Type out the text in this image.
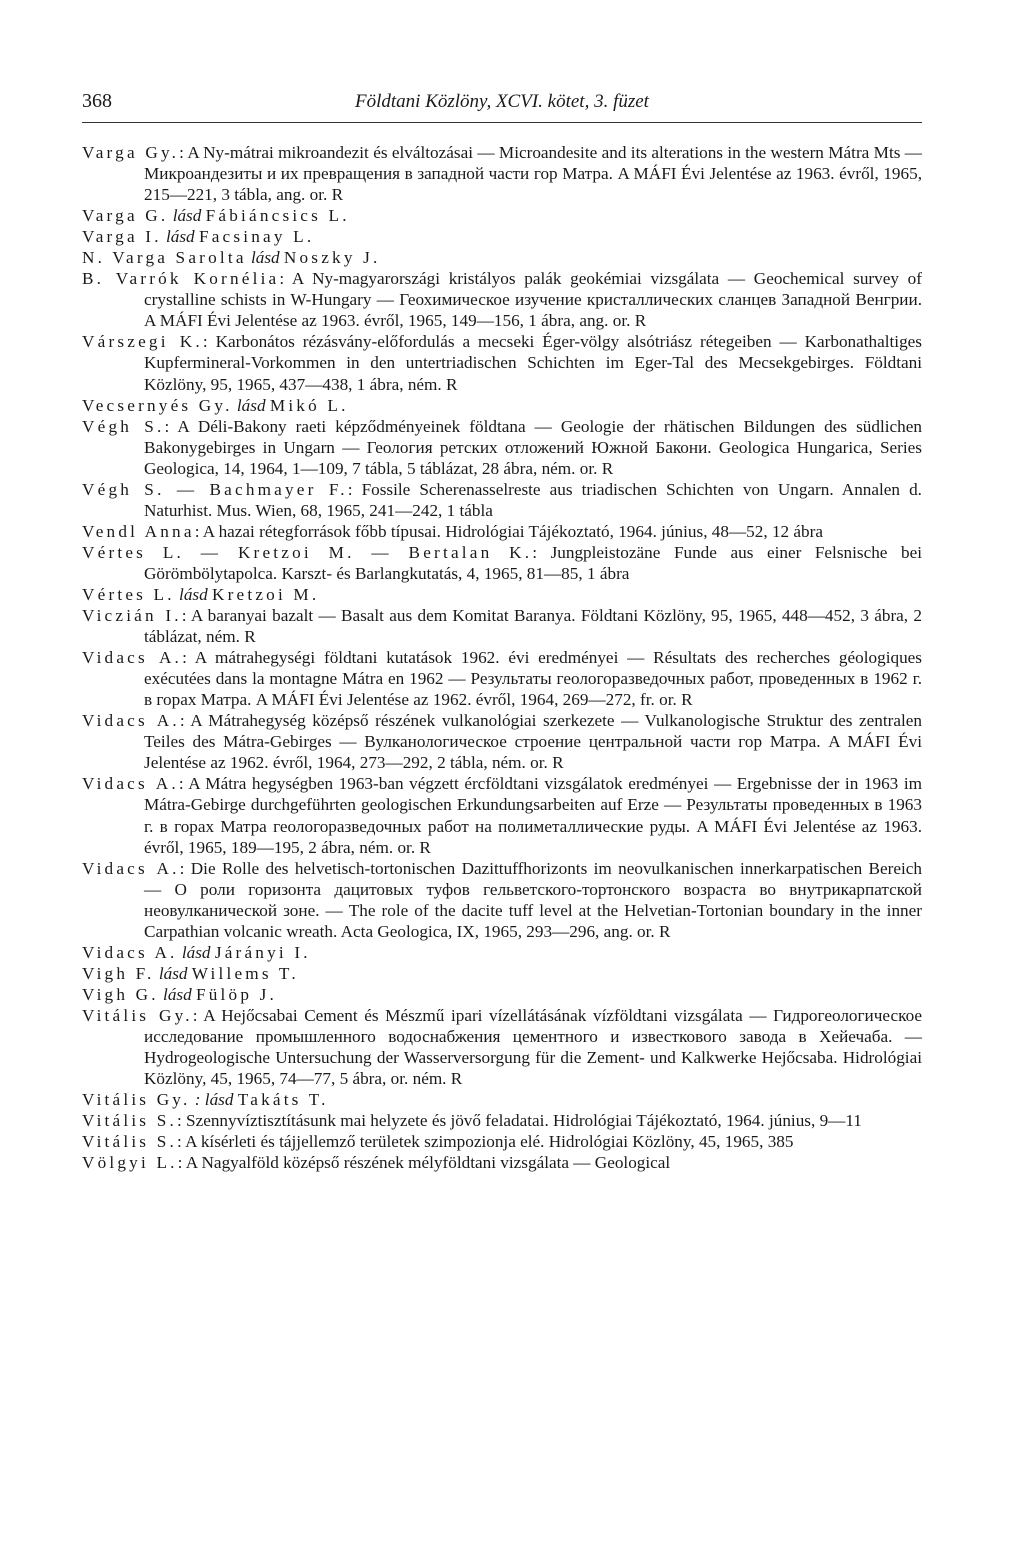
368	Földtani Közlöny, XCVI. kötet, 3. füzet
Varga Gy.: A Ny-mátrai mikroandezit és elváltozásai — Microandesite and its alterations in the western Mátra Mts — Микроандезиты и их превращения в западной части гор Матра. A MÁFI Évi Jelentése az 1963. évről, 1965, 215—221, 3 tábla, ang. or. R
Varga G. lásd Fábiáncsics L.
Varga I. lásd Facsinay L.
N. Varga Sarolta lásd Noszky J.
B. Varrók Kornélia: A Ny-magyarországi kristályos palák geokémiai vizsgálata — Geochemical survey of crystalline schists in W-Hungary — Геохимическое изучение кристаллических сланцев Западной Венгрии. A MÁFI Évi Jelentése az 1963. évről, 1965, 149—156, 1 ábra, ang. or. R
Várszegi K.: Karbonátos rézásvány-előfordulás a mecseki Éger-völgy alsótriász rétegeiben — Karbonathaltiges Kupfermineral-Vorkommen in den untertriadischen Schichten im Eger-Tal des Mecsekgebirges. Földtani Közlöny, 95, 1965, 437—438, 1 ábra, ném. R
Vecsernyés Gy. lásd Mikó L.
Végh S.: A Déli-Bakony raeti képződményeinek földtana — Geologie der rhätischen Bildungen des südlichen Bakonygebirges in Ungarn — Геология ретских отложений Южной Бакони. Geologica Hungarica, Series Geologica, 14, 1964, 1—109, 7 tábla, 5 táblázat, 28 ábra, ném. or. R
Végh S. — Bachmayer F.: Fossile Scherenasselreste aus triadischen Schichten von Ungarn. Annalen d. Naturhist. Mus. Wien, 68, 1965, 241—242, 1 tábla
Vendl Anna: A hazai rétegforrások főbb típusai. Hidrológiai Tájékoztató, 1964. június, 48—52, 12 ábra
Vértes L. — Kretzoi M. — Bertalan K.: Jungpleistozäne Funde aus einer Felsnische bei Görömbölytapolca. Karszt- és Barlangkutatás, 4, 1965, 81—85, 1 ábra
Vértes L. lásd Kretzoi M.
Viczián I.: A baranyai bazalt — Basalt aus dem Komitat Baranya. Földtani Közlöny, 95, 1965, 448—452, 3 ábra, 2 táblázat, ném. R
Vidacs A.: A mátrahegységi földtani kutatások 1962. évi eredményei — Résultats des recherches géologiques exécutées dans la montagne Mátra en 1962 — Результаты геологоразведочных работ, проведенных в 1962 г. в горах Матра. A MÁFI Évi Jelentése az 1962. évről, 1964, 269—272, fr. or. R
Vidacs A.: A Mátrahegység középső részének vulkanológiai szerkezete — Vulkanologische Struktur des zentralen Teiles des Mátra-Gebirges — Вулканологическое строение центральной части гор Матра. A MÁFI Évi Jelentése az 1962. évről, 1964, 273—292, 2 tábla, ném. or. R
Vidacs A.: A Mátra hegységben 1963-ban végzett ércföldtani vizsgálatok eredményei — Ergebnisse der in 1963 im Mátra-Gebirge durchgeführten geologischen Erkundungsarbeiten auf Erze — Результаты проведенных в 1963 г. в горах Матра геологоразведочных работ на полиметаллические руды. A MÁFI Évi Jelentése az 1963. évről, 1965, 189—195, 2 ábra, ném. or. R
Vidacs A.: Die Rolle des helvetisch-tortonischen Dazittuffhorizonts im neovulkanischen innerkarpatischen Bereich — О роли горизонта дацитовых туфов гельветского-тортонского возраста во внутрикарпатской неовулканической зоне. — The role of the dacite tuff level at the Helvetian-Tortonian boundary in the inner Carpathian volcanic wreath. Acta Geologica, IX, 1965, 293—296, ang. or. R
Vidacs A. lásd Járányi I.
Vigh F. lásd Willems T.
Vigh G. lásd Fülöp J.
Vitális Gy.: A Hejőcsabai Cement és Mészmű ipari vízellátásának vízföldtani vizsgálata — Гидрогеологическое исследование промышленного водоснабжения цементного и известкового завода в Хейечаба. — Hydrogeologische Untersuchung der Wasserversorgung für die Zement- und Kalkwerke Hejőcsaba. Hidrológiai Közlöny, 45, 1965, 74—77, 5 ábra, or. ném. R
Vitális Gy. : lásd Takáts T.
Vitális S.: Szennyvíztisztításunk mai helyzete és jövő feladatai. Hidrológiai Tájékoztató, 1964. június, 9—11
Vitális S.: A kísérleti és tájjellemző területek szimpozionja elé. Hidrológiai Közlöny, 45, 1965, 385
Völgyi L.: A Nagyalföld középső részének mélyföldtani vizsgálata — Geological
